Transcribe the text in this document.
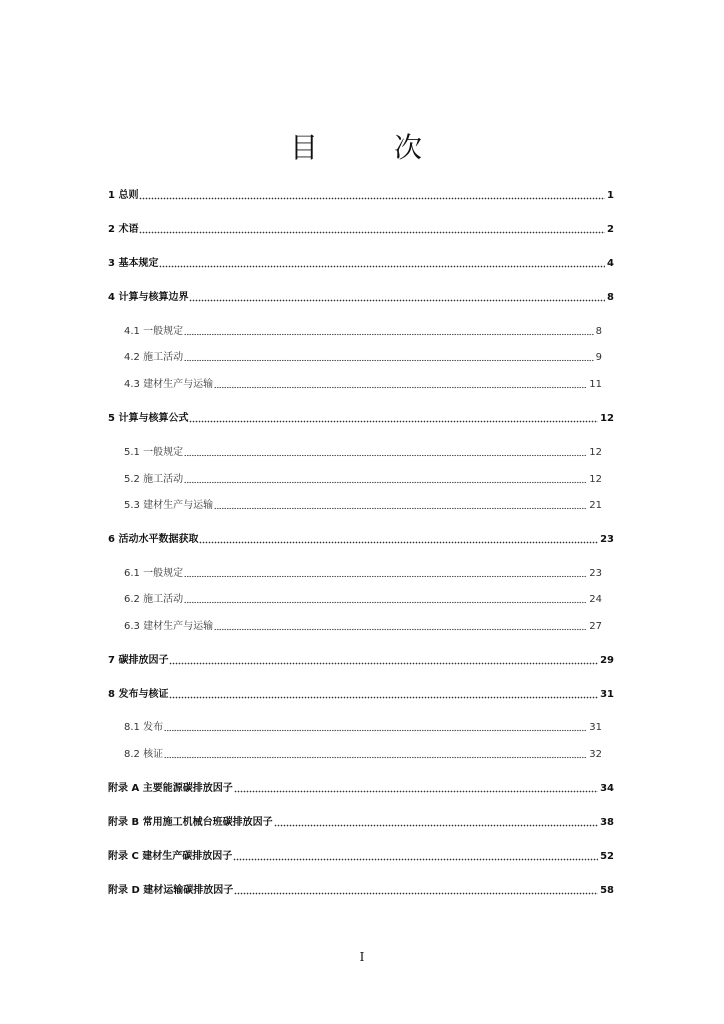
目　次
1 总则	1
2 术语	2
3 基本规定	4
4 计算与核算边界	8
4.1 一般规定	8
4.2 施工活动	9
4.3 建材生产与运输	11
5 计算与核算公式	12
5.1 一般规定	12
5.2 施工活动	12
5.3 建材生产与运输	21
6 活动水平数据获取	23
6.1 一般规定	23
6.2 施工活动	24
6.3 建材生产与运输	27
7 碳排放因子	29
8 发布与核证	31
8.1 发布	31
8.2 核证	32
附录 A 主要能源碳排放因子	34
附录 B 常用施工机械台班碳排放因子	38
附录 C 建材生产碳排放因子	52
附录 D 建材运输碳排放因子	58
I
